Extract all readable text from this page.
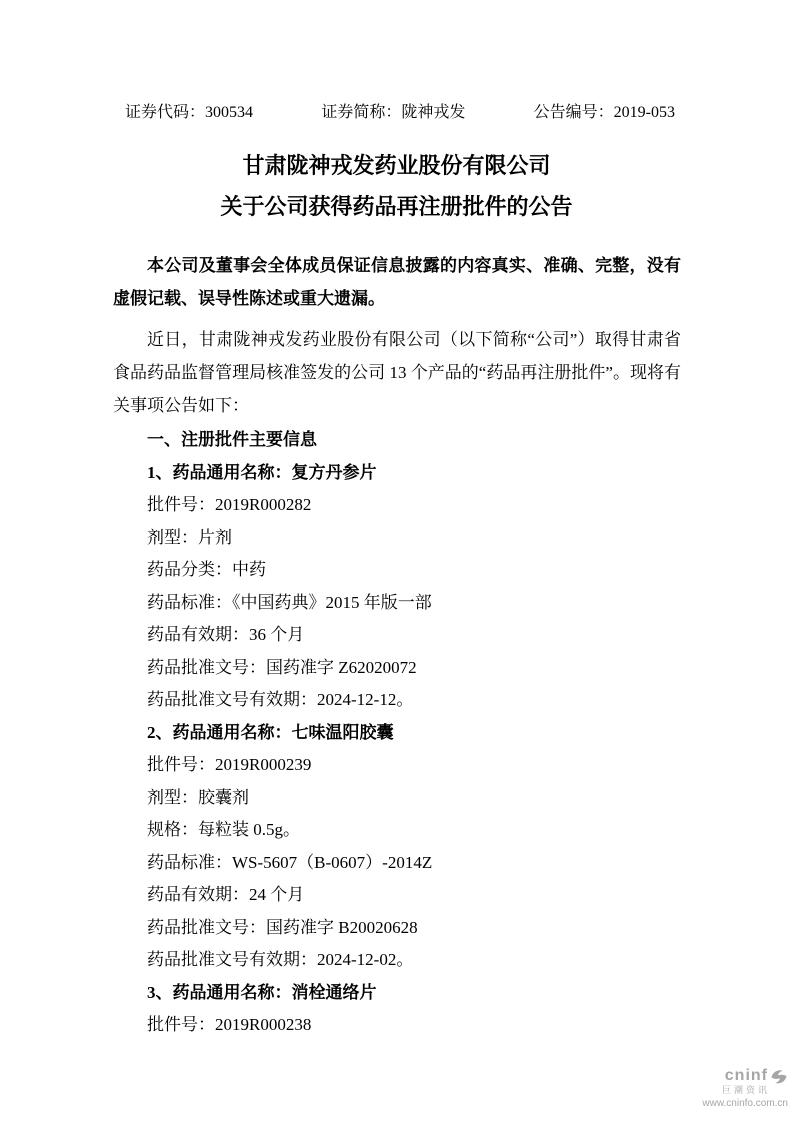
证券代码：300534	证券简称：陇神戎发	公告编号：2019-053
甘肃陇神戎发药业股份有限公司
关于公司获得药品再注册批件的公告

本公司及董事会全体成员保证信息披露的内容真实、准确、完整，没有虚假记载、误导性陈述或重大遗漏。

近日，甘肃陇神戎发药业股份有限公司（以下简称“公司”）取得甘肃省食品药品监督管理局核准签发的公司 13 个产品的“药品再注册批件”。现将有关事项公告如下：

一、注册批件主要信息
1、药品通用名称：复方丹参片
批件号：2019R000282
剂型：片剂
药品分类：中药
药品标准：《中国药典》2015 年版一部
药品有效期：36 个月
药品批准文号：国药准字 Z62020072
药品批准文号有效期：2024-12-12。
2、药品通用名称：七味温阳胶囊
批件号：2019R000239
剂型：胶囊剂
规格：每粒装 0.5g。
药品标准：WS-5607（B-0607）-2014Z
药品有效期：24 个月
药品批准文号：国药准字 B20020628
药品批准文号有效期：2024-12-02。
3、药品通用名称：消栓通络片
批件号：2019R000238
cninf
巨潮资讯
www.cninfo.com.cn
